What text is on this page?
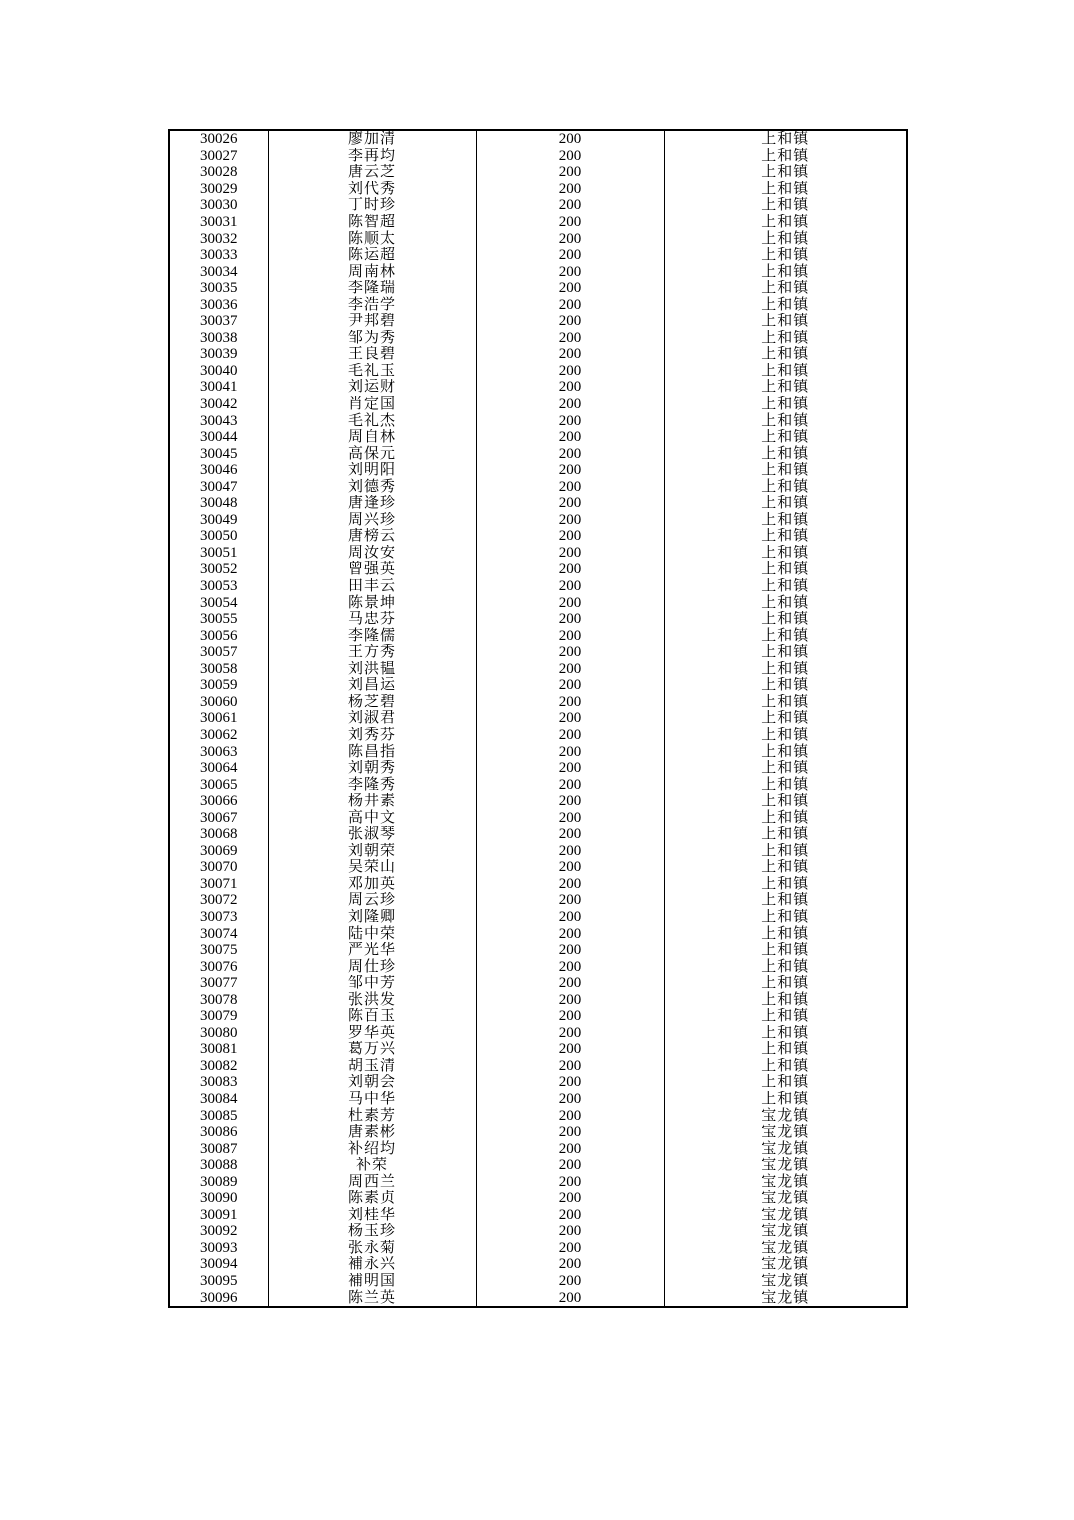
30026	廖加清	200	上和镇
30027	李再均	200	上和镇
30028	唐云芝	200	上和镇
30029	刘代秀	200	上和镇
30030	丁时珍	200	上和镇
30031	陈智超	200	上和镇
30032	陈顺太	200	上和镇
30033	陈运超	200	上和镇
30034	周南林	200	上和镇
30035	李隆瑞	200	上和镇
30036	李浩学	200	上和镇
30037	尹邦碧	200	上和镇
30038	邹为秀	200	上和镇
30039	王良碧	200	上和镇
30040	毛礼玉	200	上和镇
30041	刘运财	200	上和镇
30042	肖定国	200	上和镇
30043	毛礼杰	200	上和镇
30044	周自林	200	上和镇
30045	高保元	200	上和镇
30046	刘明阳	200	上和镇
30047	刘德秀	200	上和镇
30048	唐逢珍	200	上和镇
30049	周兴珍	200	上和镇
30050	唐榜云	200	上和镇
30051	周汝安	200	上和镇
30052	曾强英	200	上和镇
30053	田丰云	200	上和镇
30054	陈景坤	200	上和镇
30055	马忠芬	200	上和镇
30056	李隆儒	200	上和镇
30057	王方秀	200	上和镇
30058	刘洪韫	200	上和镇
30059	刘昌运	200	上和镇
30060	杨芝碧	200	上和镇
30061	刘淑君	200	上和镇
30062	刘秀芬	200	上和镇
30063	陈昌指	200	上和镇
30064	刘朝秀	200	上和镇
30065	李隆秀	200	上和镇
30066	杨井素	200	上和镇
30067	高中文	200	上和镇
30068	张淑琴	200	上和镇
30069	刘朝荣	200	上和镇
30070	吴荣山	200	上和镇
30071	邓加英	200	上和镇
30072	周云珍	200	上和镇
30073	刘隆卿	200	上和镇
30074	陆中荣	200	上和镇
30075	严光华	200	上和镇
30076	周仕珍	200	上和镇
30077	邹中芳	200	上和镇
30078	张洪发	200	上和镇
30079	陈百玉	200	上和镇
30080	罗华英	200	上和镇
30081	葛万兴	200	上和镇
30082	胡玉清	200	上和镇
30083	刘朝会	200	上和镇
30084	马中华	200	上和镇
30085	杜素芳	200	宝龙镇
30086	唐素彬	200	宝龙镇
30087	补绍均	200	宝龙镇
30088	补荣	200	宝龙镇
30089	周西兰	200	宝龙镇
30090	陈素贞	200	宝龙镇
30091	刘桂华	200	宝龙镇
30092	杨玉珍	200	宝龙镇
30093	张永菊	200	宝龙镇
30094	補永兴	200	宝龙镇
30095	補明国	200	宝龙镇
30096	陈兰英	200	宝龙镇
